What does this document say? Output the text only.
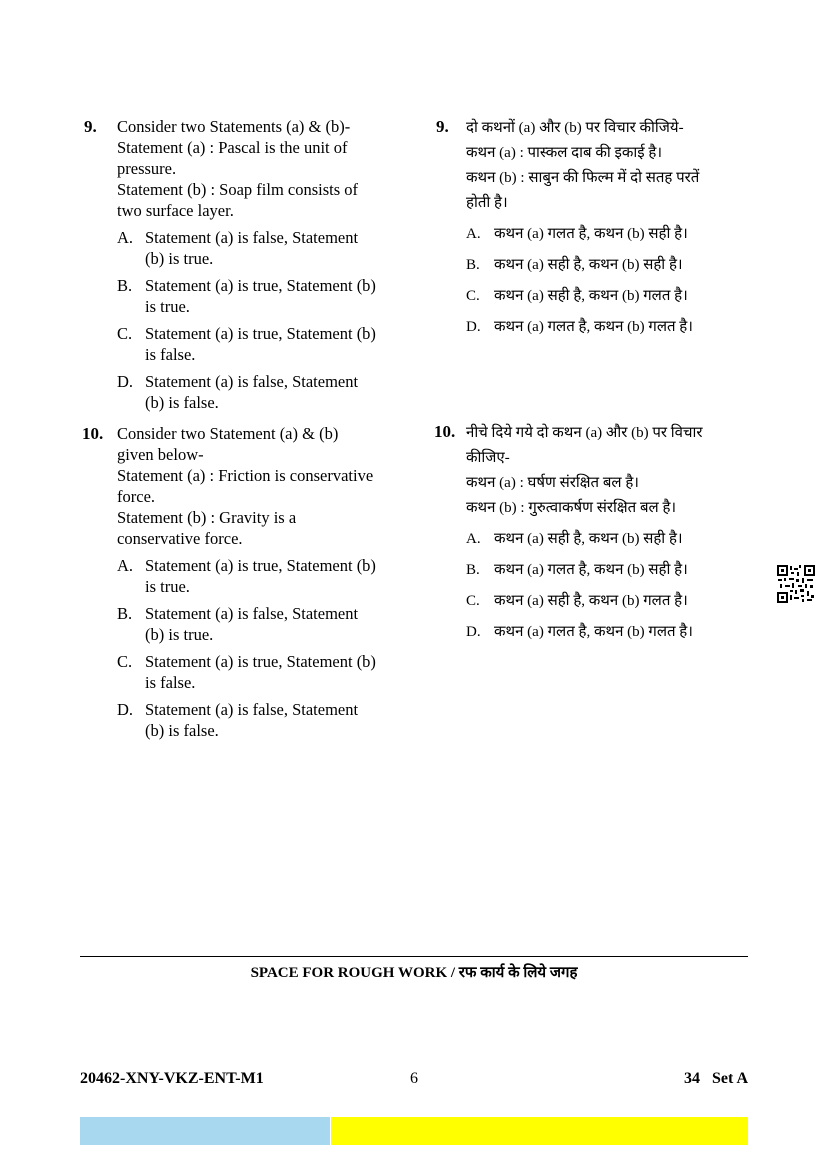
9. Consider two Statements (a) & (b)-
Statement (a) : Pascal is the unit of
pressure.
Statement (b) : Soap film consists of
two surface layer.
A. Statement (a) is false, Statement
(b) is true.
B. Statement (a) is true, Statement (b)
is true.
C. Statement (a) is true, Statement (b)
is false.
D. Statement (a) is false, Statement
(b) is false.
10. Consider two Statement (a) & (b)
given below-
Statement (a) : Friction is conservative
force.
Statement (b) : Gravity is a
conservative force.
A. Statement (a) is true, Statement (b)
is true.
B. Statement (a) is false, Statement
(b) is true.
C. Statement (a) is true, Statement (b)
is false.
D. Statement (a) is false, Statement
(b) is false.
9. दो कथनों (a) और (b) पर विचार कीजिये-
कथन (a) : पास्कल दाब की इकाई है।
कथन (b) : साबुन की फिल्म में दो सतह परतें
होती है।
A. कथन (a) गलत है, कथन (b) सही है।
B. कथन (a) सही है, कथन (b) सही है।
C. कथन (a) सही है, कथन (b) गलत है।
D. कथन (a) गलत है, कथन (b) गलत है।
10. नीचे दिये गये दो कथन (a) और (b) पर विचार
कीजिए-
कथन (a) : घर्षण संरक्षित बल है।
कथन (b) : गुरुत्वाकर्षण संरक्षित बल है।
A. कथन (a) सही है, कथन (b) सही है।
B. कथन (a) गलत है, कथन (b) सही है।
C. कथन (a) सही है, कथन (b) गलत है।
D. कथन (a) गलत है, कथन (b) गलत है।
SPACE FOR ROUGH WORK / रफ कार्य के लिये जगह
20462-XNY-VKZ-ENT-M1	6	34   Set A
